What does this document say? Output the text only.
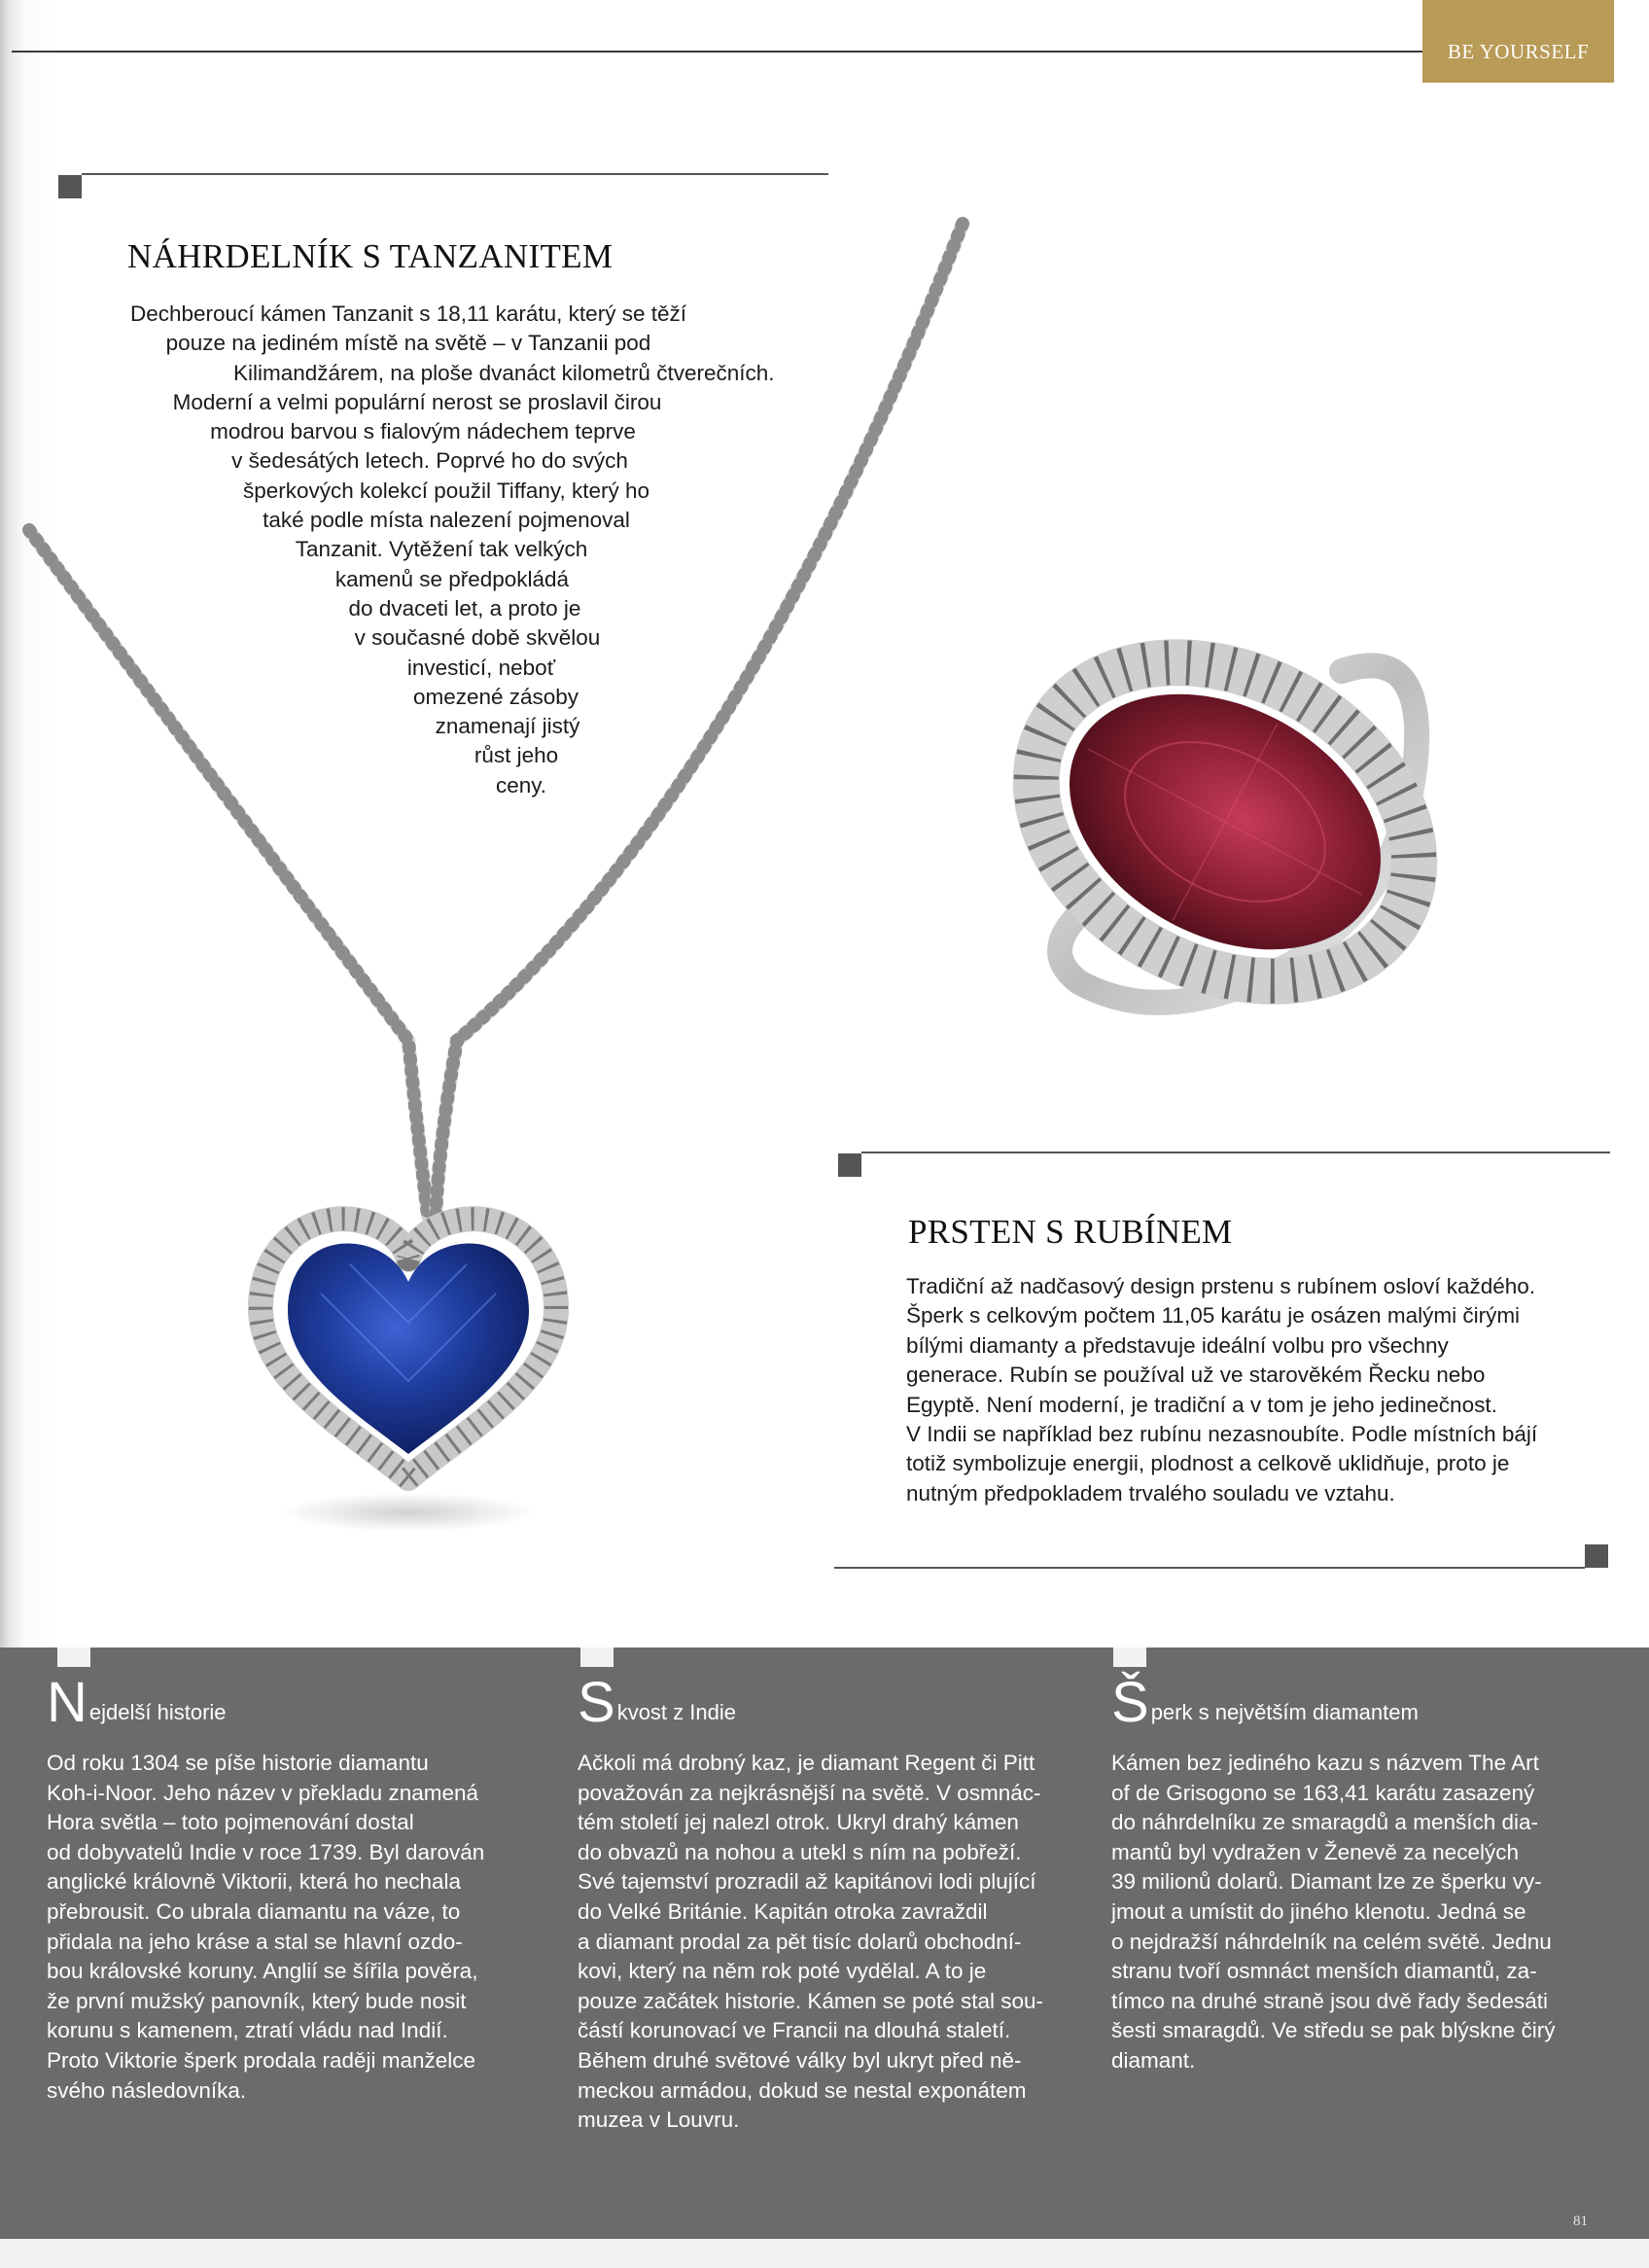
BE YOURSELF
NÁHRDELNÍK S TANZANITEM
Dechberoucí kámen Tanzanit s 18,11 karátu, který se těží
pouze na jediném místě na světě – v Tanzanii pod
Kilimandžárem, na ploše dvanáct kilometrů čtverečních.
Moderní a velmi populární nerost se proslavil čirou
modrou barvou s fialovým nádechem teprve
v šedesátých letech. Poprvé ho do svých
šperkových kolekcí použil Tiffany, který ho
také podle místa nalezení pojmenoval
Tanzanit. Vytěžení tak velkých
kamenů se předpokládá
do dvaceti let, a proto je
v současné době skvělou
investicí, neboť
omezené zásoby
znamenají jistý
růst jeho
ceny.
PRSTEN S RUBÍNEM
Tradiční až nadčasový design prstenu s rubínem osloví každého.
Šperk s celkovým počtem 11,05 karátu je osázen malými čirými
bílými diamanty a představuje ideální volbu pro všechny
generace. Rubín se používal už ve starověkém Řecku nebo
Egyptě. Není moderní, je tradiční a v tom je jeho jedinečnost.
V Indii se například bez rubínu nezasnoubíte. Podle místních bájí
totiž symbolizuje energii, plodnost a celkově uklidňuje, proto je
nutným předpokladem trvalého souladu ve vztahu.
Nejdelší historie
Od roku 1304 se píše historie diamantu
Koh-i-Noor. Jeho název v překladu znamená
Hora světla – toto pojmenování dostal
od dobyvatelů Indie v roce 1739. Byl darován
anglické královně Viktorii, která ho nechala
přebrousit. Co ubrala diamantu na váze, to
přidala na jeho kráse a stal se hlavní ozdo-
bou královské koruny. Anglií se šířila pověra,
že první mužský panovník, který bude nosit
korunu s kamenem, ztratí vládu nad Indií.
Proto Viktorie šperk prodala raději manželce
svého následovníka.
Skvost z Indie
Ačkoli má drobný kaz, je diamant Regent či Pitt
považován za nejkrásnější na světě. V osmnác-
tém století jej nalezl otrok. Ukryl drahý kámen
do obvazů na nohou a utekl s ním na pobřeží.
Své tajemství prozradil až kapitánovi lodi plující
do Velké Británie. Kapitán otroka zavraždil
a diamant prodal za pět tisíc dolarů obchodní-
kovi, který na něm rok poté vydělal. A to je
pouze začátek historie. Kámen se poté stal sou-
částí korunovací ve Francii na dlouhá staletí.
Během druhé světové války byl ukryt před ně-
meckou armádou, dokud se nestal exponátem
muzea v Louvru.
Šperk s největším diamantem
Kámen bez jediného kazu s názvem The Art
of de Grisogono se 163,41 karátu zasazený
do náhrdelníku ze smaragdů a menších dia-
mantů byl vydražen v Ženevě za necelých
39 milionů dolarů. Diamant lze ze šperku vy-
jmout a umístit do jiného klenotu. Jedná se
o nejdražší náhrdelník na celém světě. Jednu
stranu tvoří osmnáct menších diamantů, za-
tímco na druhé straně jsou dvě řady šedesáti
šesti smaragdů. Ve středu se pak blýskne čirý
diamant.
81
